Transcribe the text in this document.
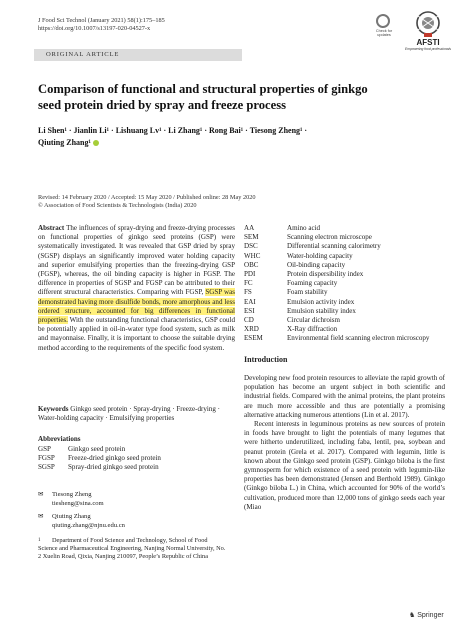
J Food Sci Technol (January 2021) 58(1):175–185
https://doi.org/10.1007/s13197-020-04527-x
ORIGINAL ARTICLE
Check for
updates
AFSTI
Empowering food professionals
Comparison of functional and structural properties of ginkgo seed protein dried by spray and freeze process
Li Shen¹ · Jianlin Li¹ · Lishuang Lv¹ · Li Zhang¹ · Rong Bai¹ · Tiesong Zheng¹ ·
Qiuting Zhang¹
Revised: 14 February 2020 / Accepted: 15 May 2020 / Published online: 28 May 2020
© Association of Food Scientists & Technologists (India) 2020
Abstract The influences of spray-drying and freeze-drying processes on functional properties of ginkgo seed proteins (GSP) were systematically investigated. It was revealed that GSP dried by spray (SGSP) displays an significantly improved water holding capacity and superior emulsifying properties than the freezing-drying GSP (FGSP), whereas, the oil binding capacity is higher in FGSP. The difference in properties of SGSP and FGSP can be attributed to their different structural characteristics. Comparing with FGSP, SGSP was demonstrated having more disulfide bonds, more amorphous and less ordered structure, accounted for big differences in functional properties. With the outstanding functional characteristics, GSP could be potentially applied in oil-in-water type food system, such as milk and mayonnaise. Finally, it is important to choose the suitable drying method according to the requirements of the specific food system.
Keywords Ginkgo seed protein · Spray-drying · Freeze-drying · Water-holding capacity · Emulsifying properties
Abbreviations
GSP Ginkgo seed protein
FGSP Freeze-dried ginkgo seed protein
SGSP Spray-dried ginkgo seed protein
✉ Tiesong Zheng
tiesheng@sina.com
✉ Qiuting Zhang
qiuting.zhang@njnu.edu.cn
1 Department of Food Science and Technology, School of Food Science and Pharmaceutical Engineering, Nanjing Normal University, No. 2 Xuelin Road, Qixia, Nanjing 210097, People’s Republic of China
AA	Amino acid
SEM	Scanning electron microscope
DSC	Differential scanning calorimetry
WHC	Water-holding capacity
OBC	Oil-binding capacity
PDI	Protein dispersibility index
FC	Foaming capacity
FS	Foam stability
EAI	Emulsion activity index
ESI	Emulsion stability index
CD	Circular dichroism
XRD	X-Ray diffraction
ESEM	Environmental field scanning electron microscopy
Introduction

Developing new food protein resources to alleviate the rapid growth of population has become an urgent subject in both scientific and industrial fields. Compared with the animal proteins, the plant proteins are much more accessible and thus are potentially a promising alternative attacking numerous attentions (Lin et al. 2017).

Recent interests in leguminous proteins as new sources of protein in foods have brought to light the potentials of many legumes that were hitherto underutilized, including faba, lentil, pea, soybean and peanut protein (Grela et al. 2017). Compared with legumin, little is known about the Ginkgo seed protein (GSP). Ginkgo biloba is the first gymnosperm for which existence of a seed protein with legumin-like properties has been demonstrated (Jensen and Berthold 1989). Ginkgo (Ginkgo biloba L.) in China, which accounted for 90% of the world’s cultivation, produced more than 12,000 tons of ginkgo seeds each year (Miao

♞ Springer
